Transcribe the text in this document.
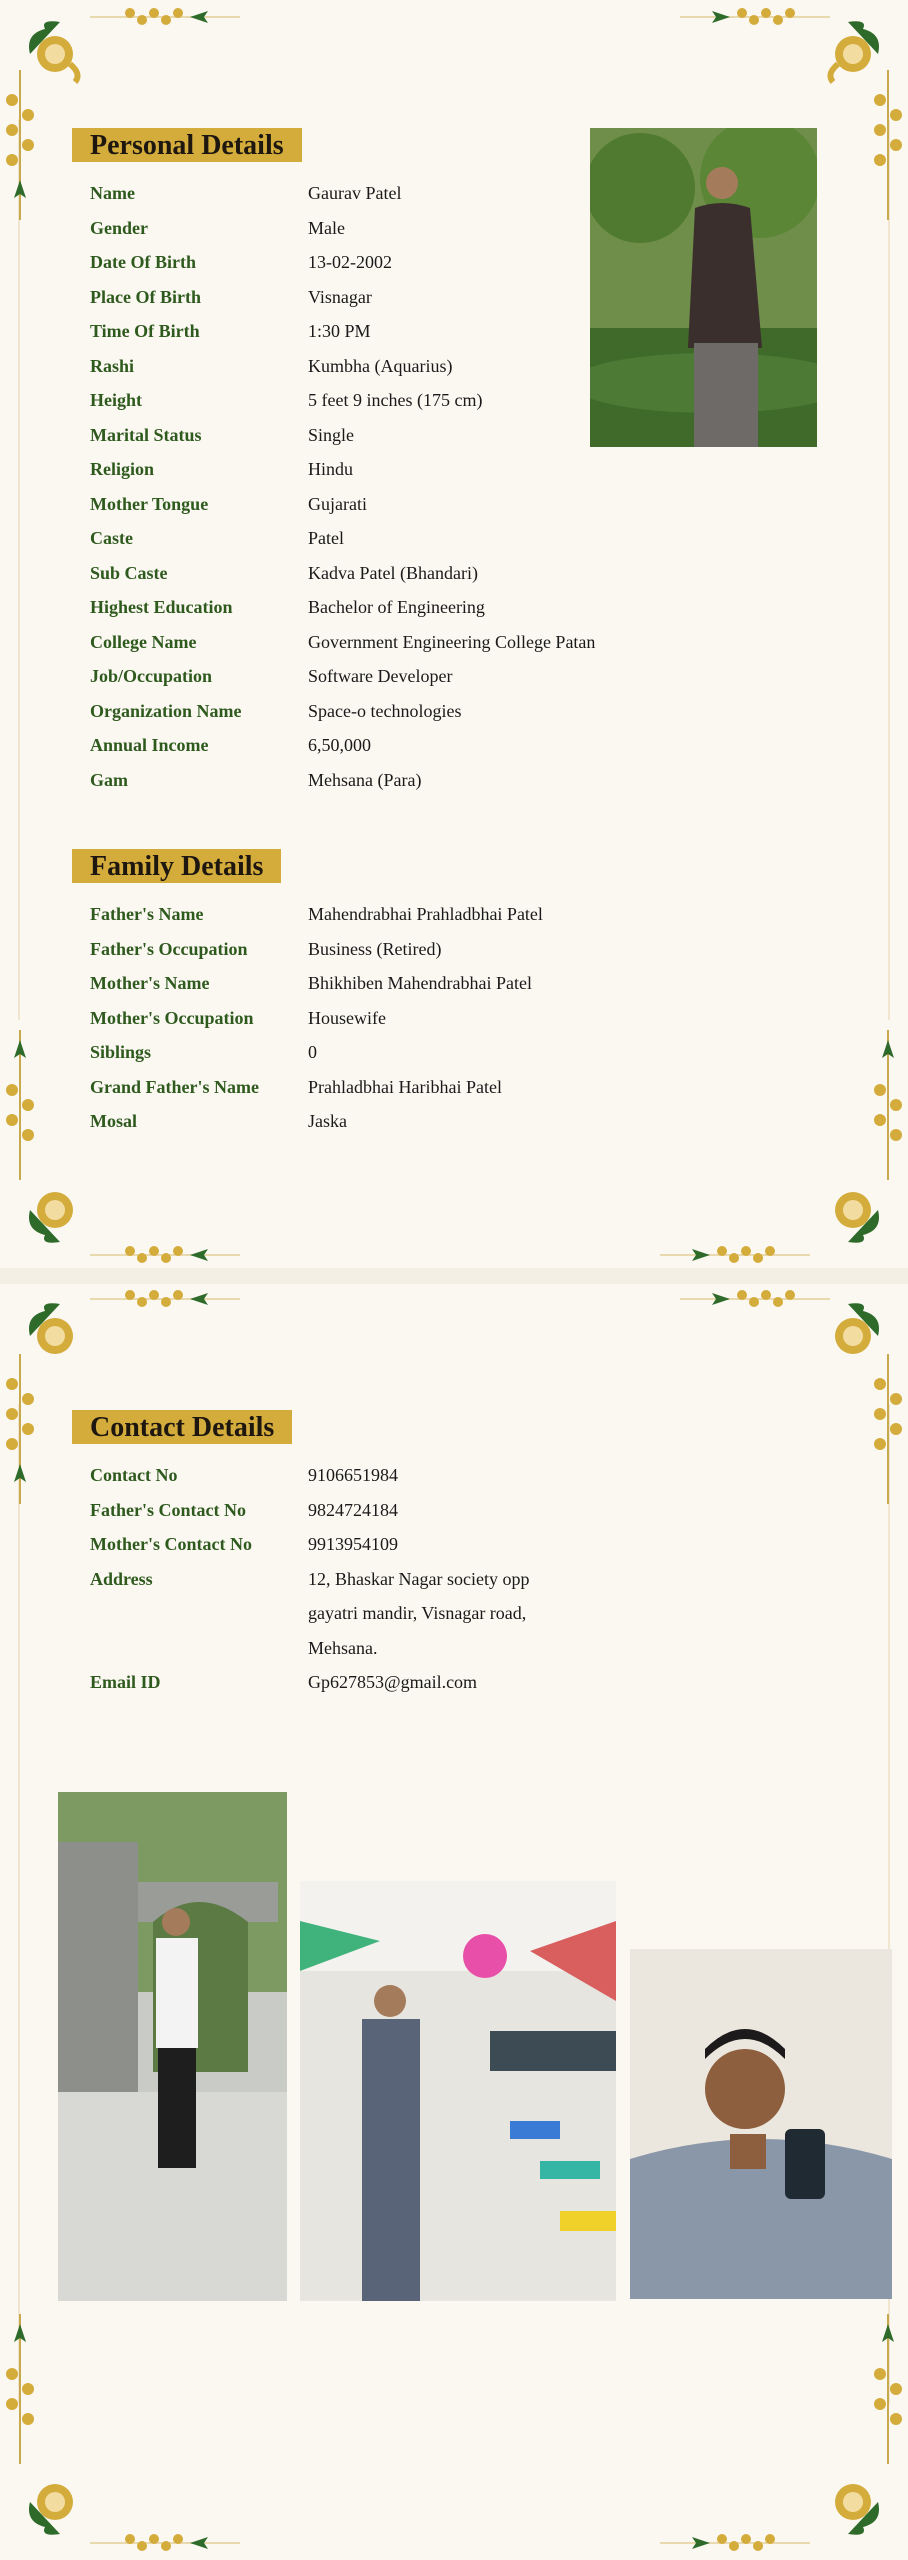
Personal Details
Name	Gaurav Patel
Gender	Male
Date Of Birth	13-02-2002
Place Of Birth	Visnagar
Time Of Birth	1:30 PM
Rashi	Kumbha (Aquarius)
Height	5 feet 9 inches (175 cm)
Marital Status	Single
Religion	Hindu
Mother Tongue	Gujarati
Caste	Patel
Sub Caste	Kadva Patel (Bhandari)
Highest Education	Bachelor of Engineering
College Name	Government Engineering College Patan
Job/Occupation	Software Developer
Organization Name	Space-o technologies
Annual Income	6,50,000
Gam	Mehsana (Para)
Family Details
Father's Name	Mahendrabhai Prahladbhai Patel
Father's Occupation	Business (Retired)
Mother's Name	Bhikhiben Mahendrabhai Patel
Mother's Occupation	Housewife
Siblings	0
Grand Father's Name	Prahladbhai Haribhai Patel
Mosal	Jaska
Contact Details
Contact No	9106651984
Father's Contact No	9824724184
Mother's Contact No	9913954109
Address	12, Bhaskar Nagar society opp
gayatri mandir, Visnagar road,
Mehsana.
Email ID	Gp627853@gmail.com
